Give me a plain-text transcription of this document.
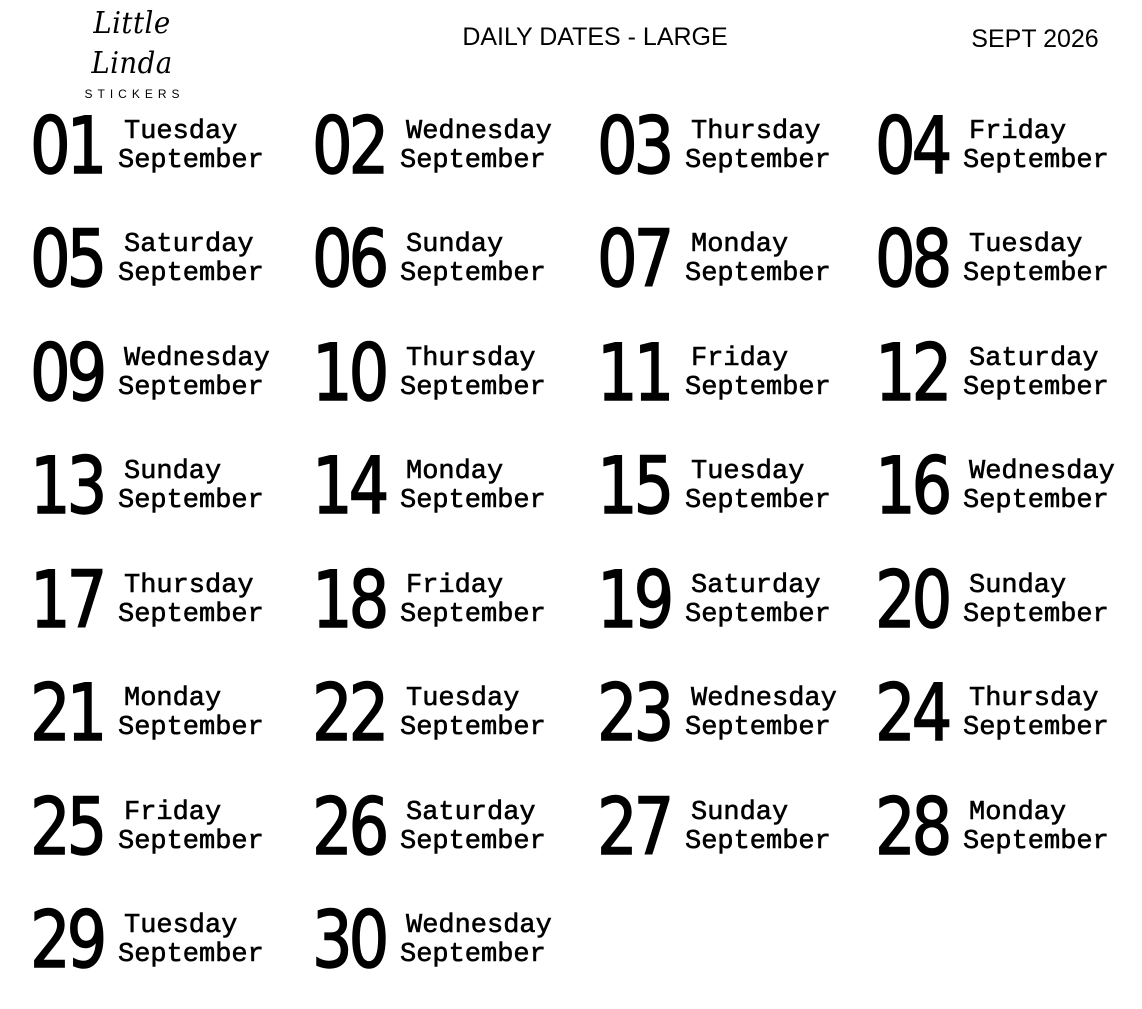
Little Linda
STICKERS
DAILY DATES - LARGE	SEPT 2026
01 Tuesday
September 02 Wednesday
September 03 Thursday
September 04 Friday
September
05 Saturday
September 06 Sunday
September 07 Monday
September 08 Tuesday
September
09 Wednesday
September 10 Thursday
September 11 Friday
September 12 Saturday
September
13 Sunday
September 14 Monday
September 15 Tuesday
September 16 Wednesday
September
17 Thursday
September 18 Friday
September 19 Saturday
September 20 Sunday
September
21 Monday
September 22 Tuesday
September 23 Wednesday
September 24 Thursday
September
25 Friday
September 26 Saturday
September 27 Sunday
September 28 Monday
September
29 Tuesday
September 30 Wednesday
September
